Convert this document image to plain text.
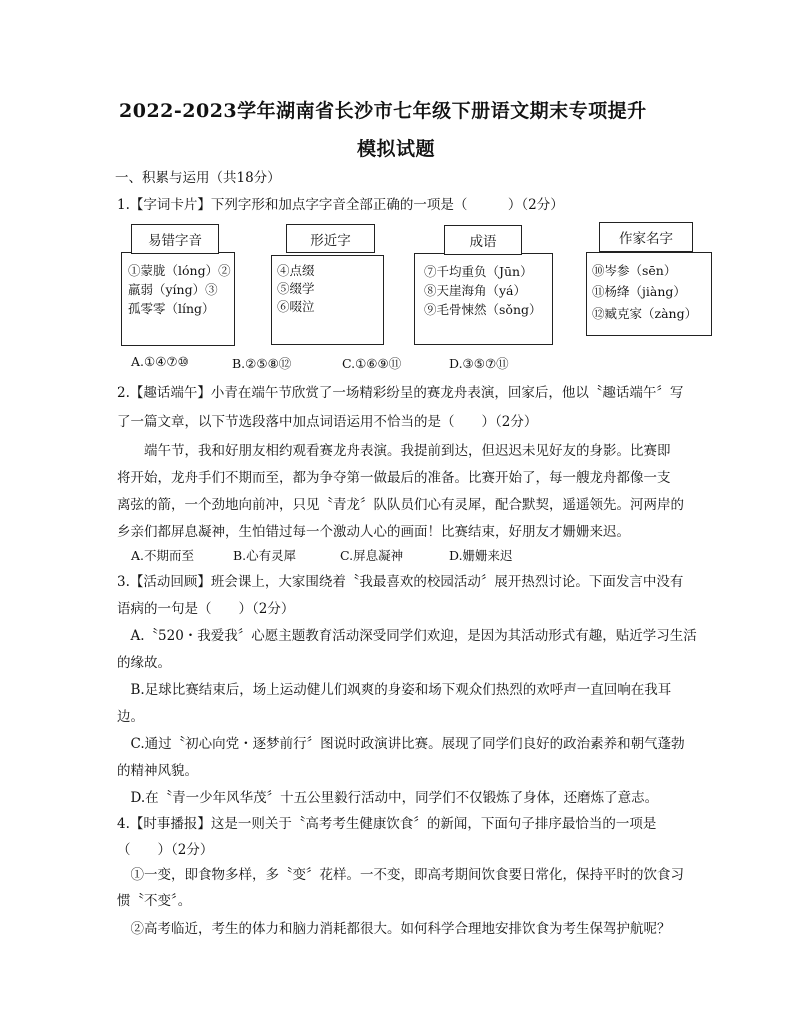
2022-2023学年湖南省长沙市七年级下册语文期末专项提升
模拟试题
一、积累与运用（共18分）
1.【字词卡片】下列字形和加点字字音全部正确的一项是（　　　）（2分）
易错字音
①蒙胧（lóng）②
羸弱（yíng）③
孤零零（líng）
形近字
④点缀
⑤缀学
⑥啜泣
成语
⑦千均重负（Jūn）
⑧天崖海角（yá）
⑨毛骨悚然（sǒng）
作家名字
⑩岑参（sēn）
⑪杨绛（jiàng）
⑫臧克家（zàng）
A.①④⑦⑩	B.②⑤⑧⑫	C.①⑥⑨⑪	D.③⑤⑦⑪
2.【趣话端午】小青在端午节欣赏了一场精彩纷呈的赛龙舟表演，回家后，他以〝趣话端午〞写
了一篇文章，以下节选段落中加点词语运用不恰当的是（　　）（2分）
　　端午节，我和好朋友相约观看赛龙舟表演。我提前到达，但迟迟未见好友的身影。比赛即
将开始，龙舟手们不期而至，都为争夺第一做最后的准备。比赛开始了，每一艘龙舟都像一支
离弦的箭，一个劲地向前冲，只见〝青龙〞队队员们心有灵犀，配合默契，遥遥领先。河两岸的
乡亲们都屏息凝神，生怕错过每一个激动人心的画面！比赛结束，好朋友才姗姗来迟。
A.不期而至	B.心有灵犀	C.屏息凝神	D.姗姗来迟
3.【活动回顾】班会课上，大家围绕着〝我最喜欢的校园活动〞展开热烈讨论。下面发言中没有
语病的一句是（　　）（2分）
　A.〝520・我爱我〞心愿主题教育活动深受同学们欢迎，是因为其活动形式有趣，贴近学习生活
的缘故。
　B.足球比赛结束后，场上运动健儿们飒爽的身姿和场下观众们热烈的欢呼声一直回响在我耳
边。
　C.通过〝初心向党・逐梦前行〞图说时政演讲比赛。展现了同学们良好的政治素养和朝气蓬勃
的精神风貌。
　D.在〝青一少年风华茂〞十五公里毅行活动中，同学们不仅锻炼了身体，还磨炼了意志。
4.【时事播报】这是一则关于〝高考考生健康饮食〞的新闻，下面句子排序最恰当的一项是
（　　）（2分）
　①一变，即食物多样，多〝变〞花样。一不变，即高考期间饮食要日常化，保持平时的饮食习
惯〝不变〞。
　②高考临近，考生的体力和脑力消耗都很大。如何科学合理地安排饮食为考生保驾护航呢？
